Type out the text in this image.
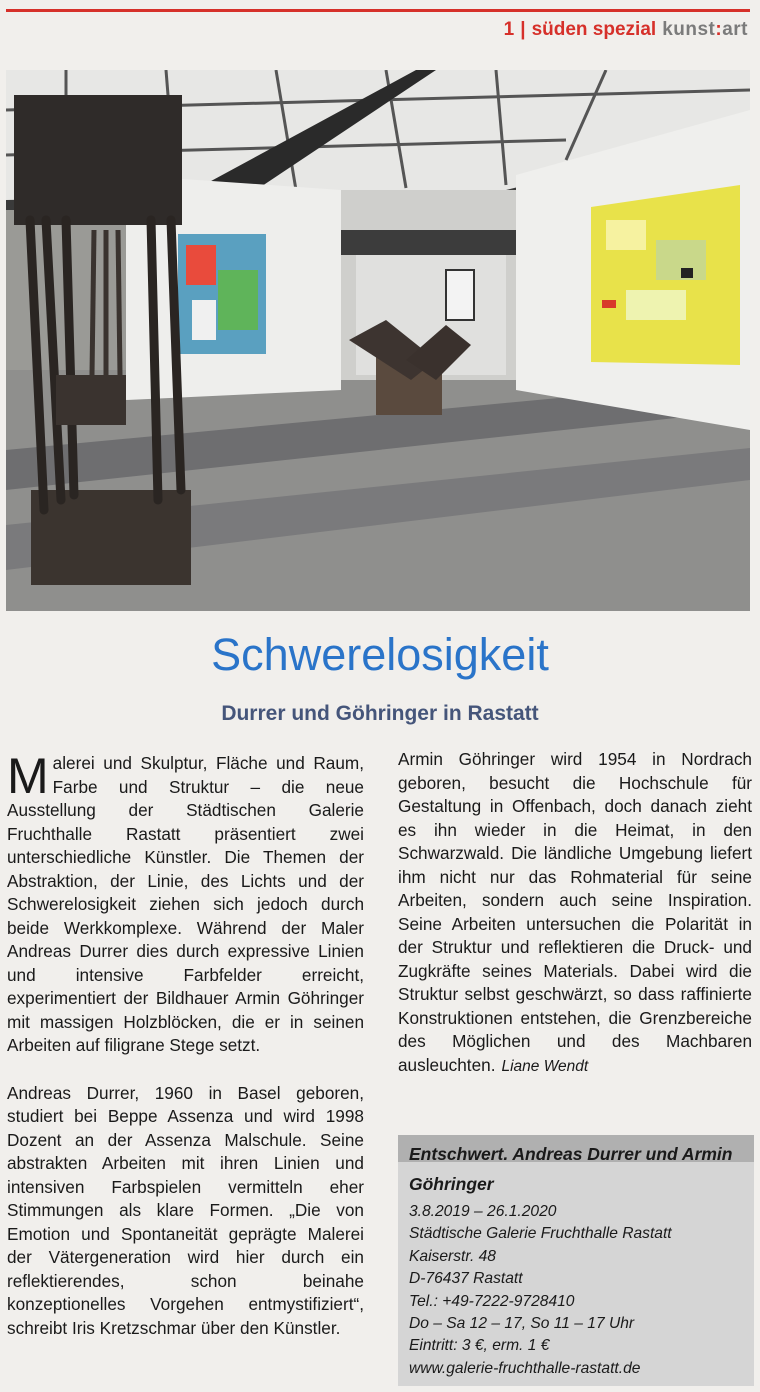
1 | süden spezial kunst:art
Schwerelosigkeit
Durrer und Göhringer in Rastatt

Malerei und Skulptur, Fläche und Raum, Farbe und Struktur – die neue Ausstellung der Städtischen Galerie Fruchthalle Rastatt präsentiert zwei unterschiedliche Künstler. Die Themen der Abstraktion, der Linie, des Lichts und der Schwerelosigkeit ziehen sich jedoch durch beide Werkkomplexe. Während der Maler Andreas Durrer dies durch expressive Linien und intensive Farbfelder erreicht, experimentiert der Bildhauer Armin Göhringer mit massigen Holzblöcken, die er in seinen Arbeiten auf filigrane Stege setzt.

Andreas Durrer, 1960 in Basel geboren, studiert bei Beppe Assenza und wird 1998 Dozent an der Assenza Malschule. Seine abstrakten Arbeiten mit ihren Linien und intensiven Farbspielen vermitteln eher Stimmungen als klare Formen. „Die von Emotion und Spontaneität geprägte Malerei der Vätergeneration wird hier durch ein reflektierendes, schon beinahe konzeptionelles Vorgehen entmystifiziert“, schreibt Iris Kretzschmar über den Künstler.

Armin Göhringer wird 1954 in Nordrach geboren, besucht die Hochschule für Gestaltung in Offenbach, doch danach zieht es ihn wieder in die Heimat, in den Schwarzwald. Die ländliche Umgebung liefert ihm nicht nur das Rohmaterial für seine Arbeiten, sondern auch seine Inspiration. Seine Arbeiten untersuchen die Polarität in der Struktur und reflektieren die Druck- und Zugkräfte seines Materials. Dabei wird die Struktur selbst geschwärzt, so dass raffinierte Konstruktionen entstehen, die Grenzbereiche des Möglichen und des Machbaren ausleuchten. Liane Wendt

Entschwert. Andreas Durrer und Armin Göhringer
3.8.2019 – 26.1.2020
Städtische Galerie Fruchthalle Rastatt
Kaiserstr. 48
D-76437 Rastatt
Tel.: +49-7222-9728410
Do – Sa 12 – 17, So 11 – 17 Uhr
Eintritt: 3 €, erm. 1 €
www.galerie-fruchthalle-rastatt.de
